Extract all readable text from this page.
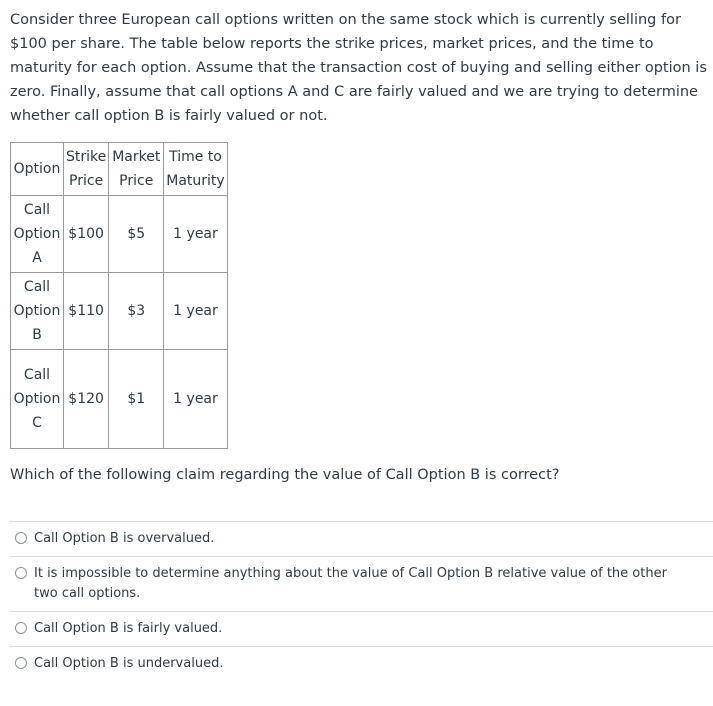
Consider three European call options written on the same stock which is currently selling for $100 per share. The table below reports the strike prices, market prices, and the time to maturity for each option. Assume that the transaction cost of buying and selling either option is zero. Finally, assume that call options A and C are fairly valued and we are trying to determine whether call option B is fairly valued or not.

Option	Strike Price	Market Price	Time to Maturity
Call Option A	$100	$5	1 year
Call Option B	$110	$3	1 year
Call Option C	$120	$1	1 year

Which of the following claim regarding the value of Call Option B is correct?

Call Option B is overvalued.
It is impossible to determine anything about the value of Call Option B relative value of the other two call options.
Call Option B is fairly valued.
Call Option B is undervalued.
